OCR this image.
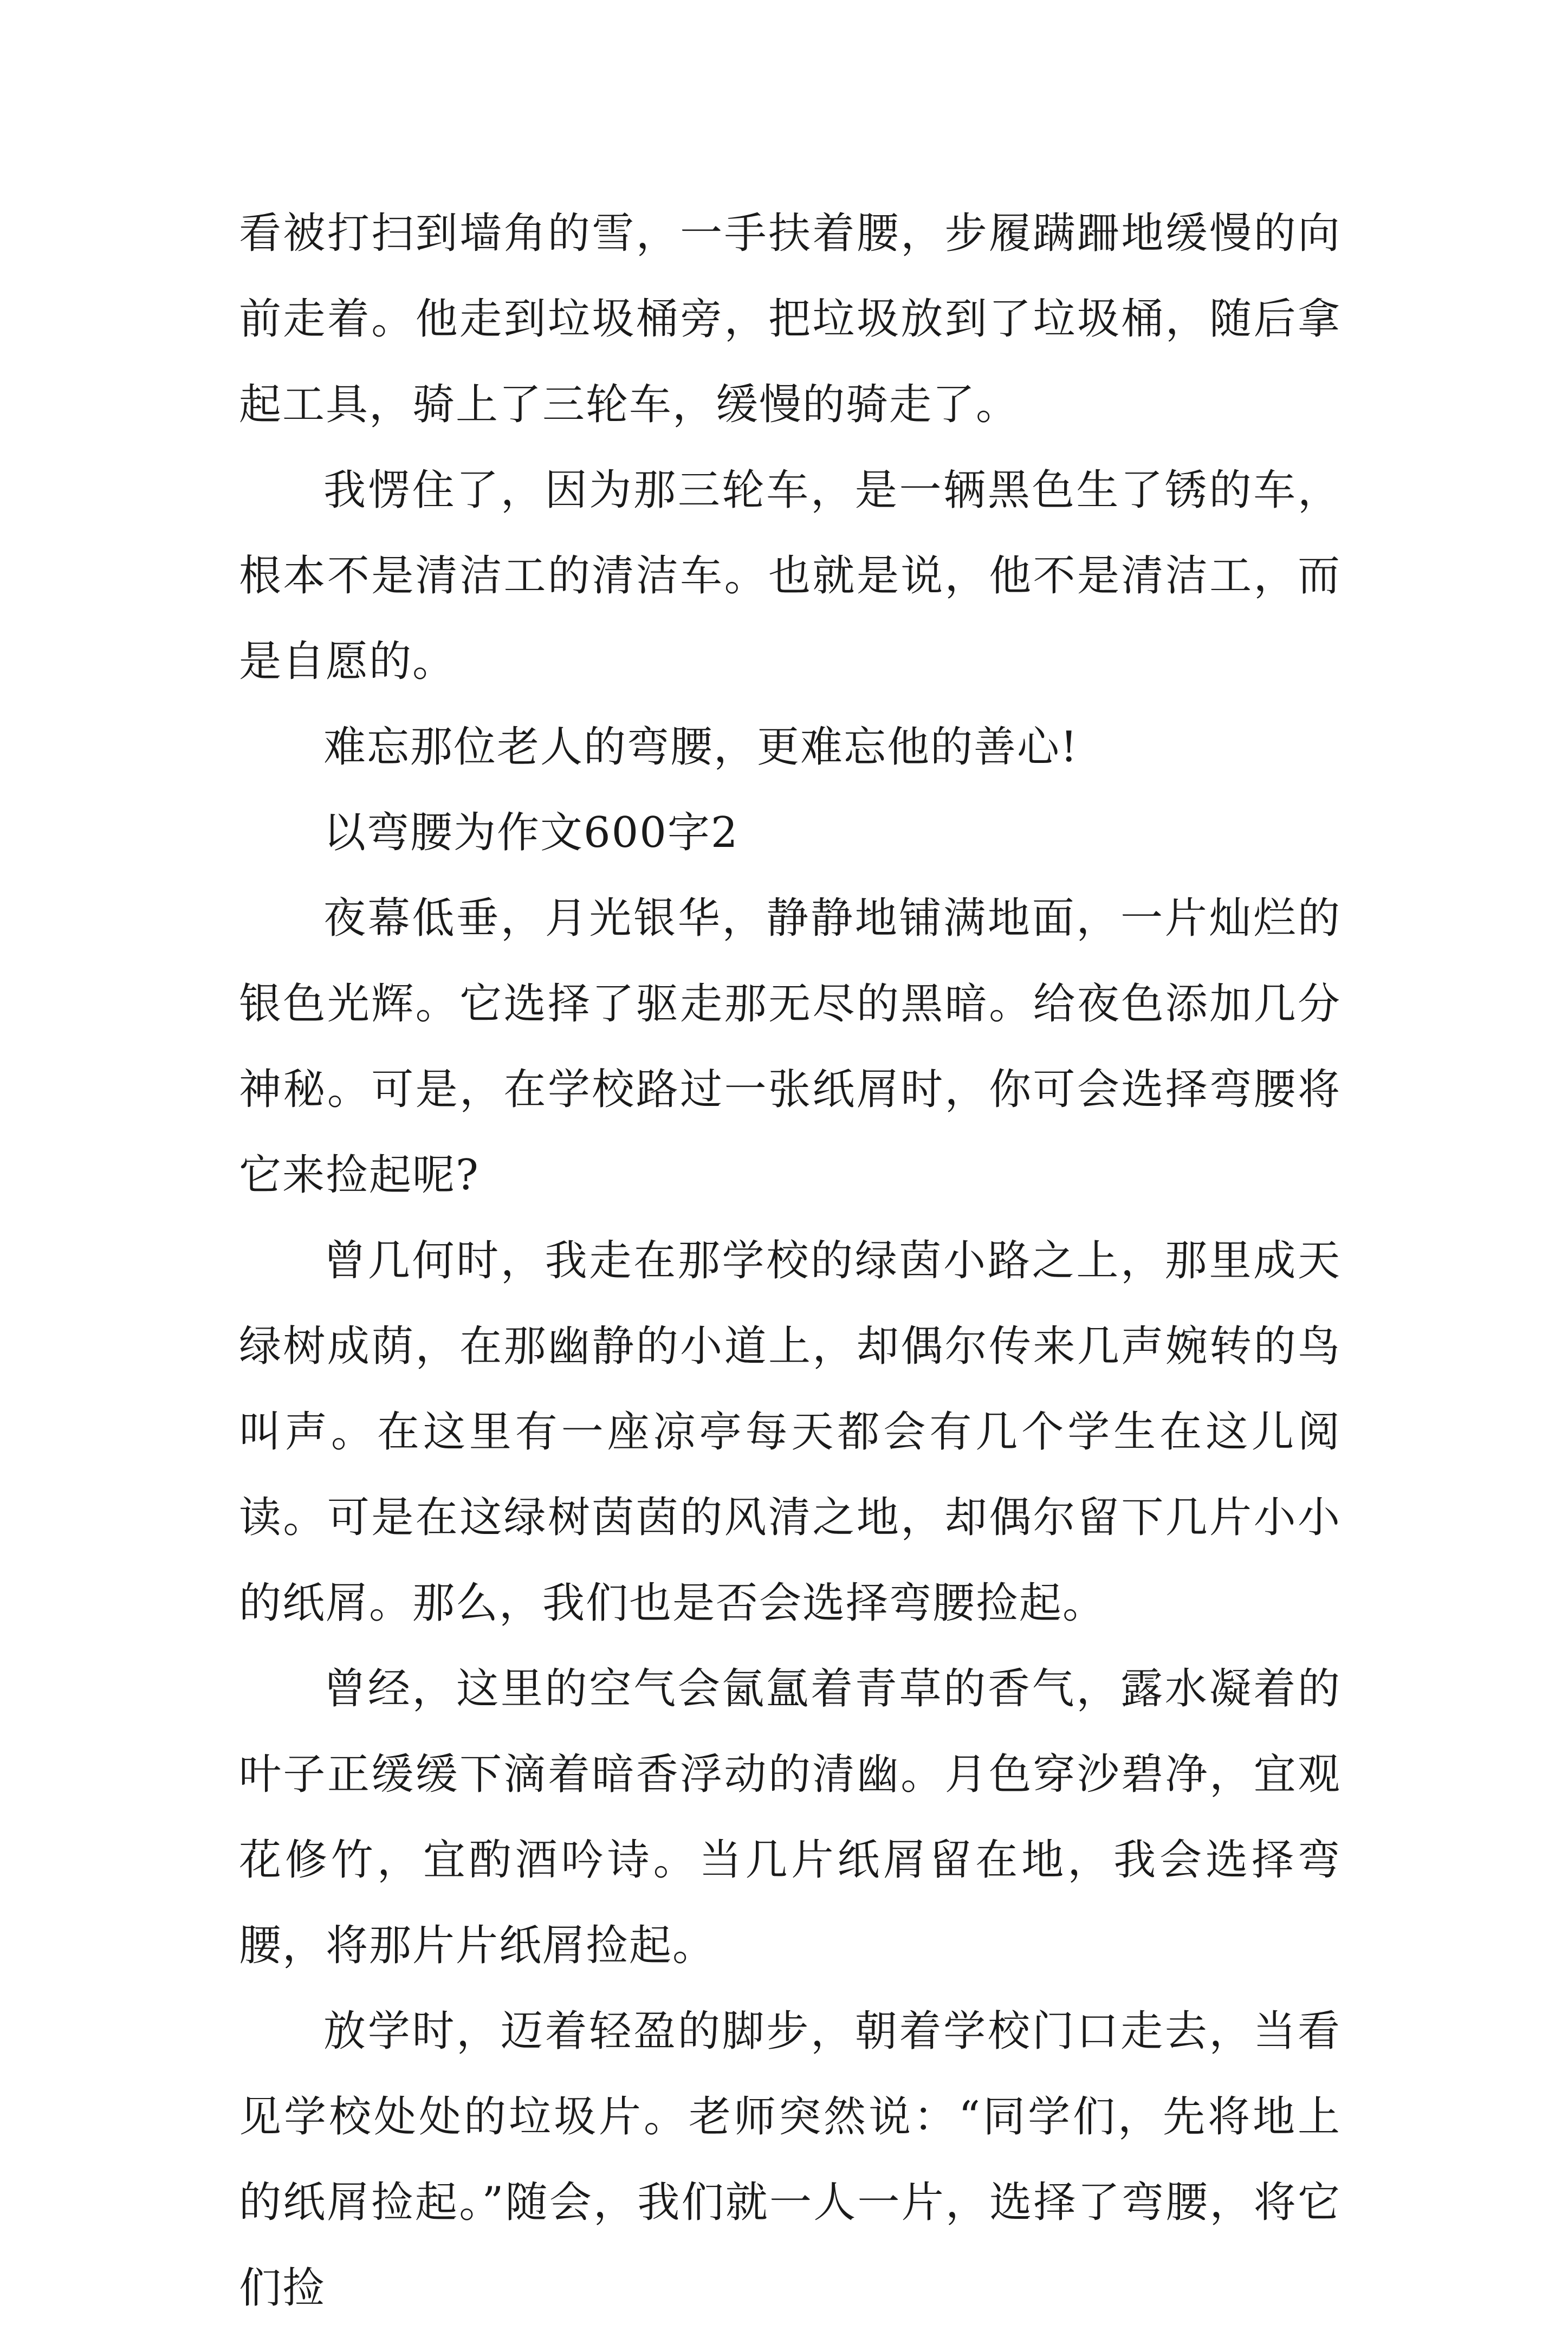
看被打扫到墙角的雪，一手扶着腰，步履蹒跚地缓慢的向前走着。他走到垃圾桶旁，把垃圾放到了垃圾桶，随后拿起工具，骑上了三轮车，缓慢的骑走了。

我愣住了，因为那三轮车，是一辆黑色生了锈的车，根本不是清洁工的清洁车。也就是说，他不是清洁工，而是自愿的。

难忘那位老人的弯腰，更难忘他的善心!

以弯腰为作文600字2

夜幕低垂，月光银华，静静地铺满地面，一片灿烂的银色光辉。它选择了驱走那无尽的黑暗。给夜色添加几分神秘。可是，在学校路过一张纸屑时，你可会选择弯腰将它来捡起呢?

曾几何时，我走在那学校的绿茵小路之上，那里成天绿树成荫，在那幽静的小道上，却偶尔传来几声婉转的鸟叫声。在这里有一座凉亭每天都会有几个学生在这儿阅读。可是在这绿树茵茵的风清之地，却偶尔留下几片小小的纸屑。那么，我们也是否会选择弯腰捡起。

曾经，这里的空气会氤氲着青草的香气，露水凝着的叶子正缓缓下滴着暗香浮动的清幽。月色穿沙碧净，宜观花修竹，宜酌酒吟诗。当几片纸屑留在地，我会选择弯腰，将那片片纸屑捡起。

放学时，迈着轻盈的脚步，朝着学校门口走去，当看见学校处处的垃圾片。老师突然说：“同学们，先将地上的纸屑捡起。”随会，我们就一人一片，选择了弯腰，将它们捡
